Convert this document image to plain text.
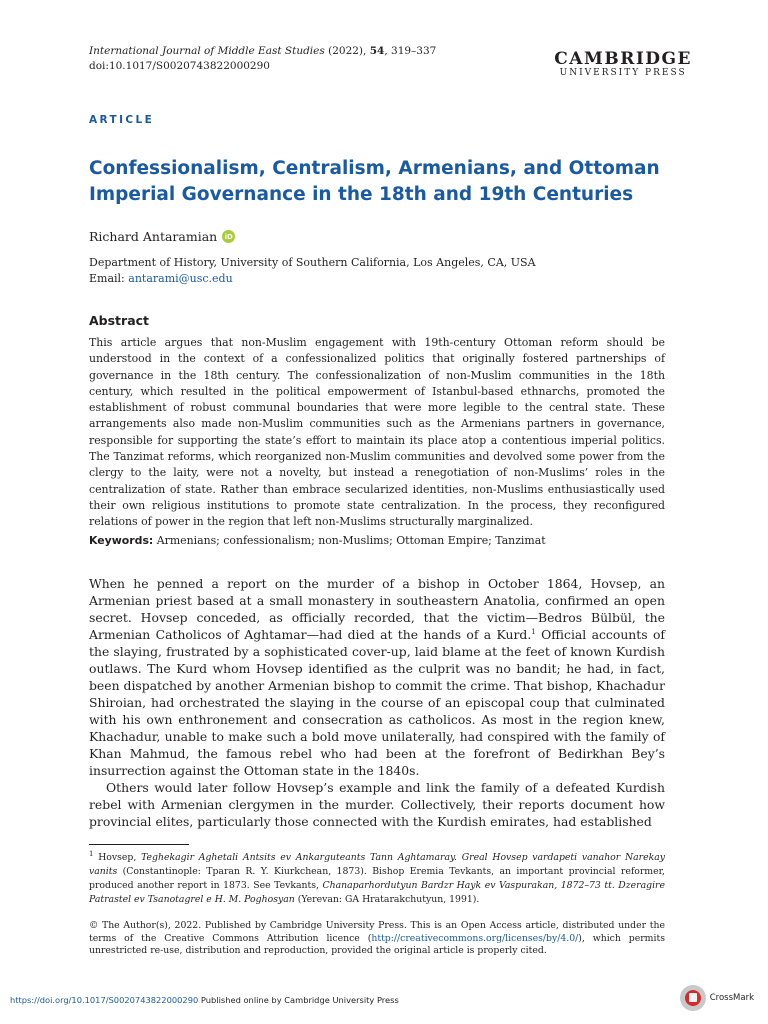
International Journal of Middle East Studies (2022), 54, 319–337
doi:10.1017/S0020743822000290	CAMBRIDGE
UNIVERSITY PRESS
ARTICLE
Confessionalism, Centralism, Armenians, and Ottoman Imperial Governance in the 18th and 19th Centuries
Richard Antaramian	iD
Department of History, University of Southern California, Los Angeles, CA, USA
Email: antarami@usc.edu
Abstract
This article argues that non-Muslim engagement with 19th-century Ottoman reform should be understood in the context of a confessionalized politics that originally fostered partnerships of governance in the 18th century. The confessionalization of non-Muslim communities in the 18th century, which resulted in the political empowerment of Istanbul-based ethnarchs, promoted the establishment of robust communal boundaries that were more legible to the central state. These arrangements also made non-Muslim communities such as the Armenians partners in governance, responsible for supporting the state’s effort to maintain its place atop a contentious imperial politics. The Tanzimat reforms, which reorganized non-Muslim communities and devolved some power from the clergy to the laity, were not a novelty, but instead a renegotiation of non-Muslims’ roles in the centralization of state. Rather than embrace secularized identities, non-Muslims enthusiastically used their own religious institutions to promote state centralization. In the process, they reconfigured relations of power in the region that left non-Muslims structurally marginalized.
Keywords: Armenians; confessionalism; non-Muslims; Ottoman Empire; Tanzimat

When he penned a report on the murder of a bishop in October 1864, Hovsep, an Armenian priest based at a small monastery in southeastern Anatolia, confirmed an open secret. Hovsep conceded, as officially recorded, that the victim—Bedros Bülbül, the Armenian Catholicos of Aghtamar—had died at the hands of a Kurd.$^1$ Official accounts of the slaying, frustrated by a sophisticated cover-up, laid blame at the feet of known Kurdish outlaws. The Kurd whom Hovsep identified as the culprit was no bandit; he had, in fact, been dispatched by another Armenian bishop to commit the crime. That bishop, Khachadur Shiroian, had orchestrated the slaying in the course of an episcopal coup that culminated with his own enthronement and consecration as catholicos. As most in the region knew, Khachadur, unable to make such a bold move unilaterally, had conspired with the family of Khan Mahmud, the famous rebel who had been at the forefront of Bedirkhan Bey’s insurrection against the Ottoman state in the 1840s.

Others would later follow Hovsep’s example and link the family of a defeated Kurdish rebel with Armenian clergymen in the murder. Collectively, their reports document how provincial elites, particularly those connected with the Kurdish emirates, had established

$^1$ Hovsep, Teghekagir Aghetali Antsits ev Ankarguteants Tann Aghtamaray. Greal Hovsep vardapeti vanahor Narekay vanits (Constantinople: Tparan R. Y. Kiurkchean, 1873). Bishop Eremia Tevkants, an important provincial reformer, produced another report in 1873. See Tevkants, Chanaparhordutyun Bardzr Hayk ev Vaspurakan, 1872–73 tt. Dzeragire Patrastel ev Tsanotagrel e H. M. Poghosyan (Yerevan: GA Hratarakchutyun, 1991).
© The Author(s), 2022. Published by Cambridge University Press. This is an Open Access article, distributed under the terms of the Creative Commons Attribution licence (http://creativecommons.org/licenses/by/4.0/), which permits unrestricted re-use, distribution and reproduction, provided the original article is properly cited.
https://doi.org/10.1017/S0020743822000290 Published online by Cambridge University Press	CrossMark
